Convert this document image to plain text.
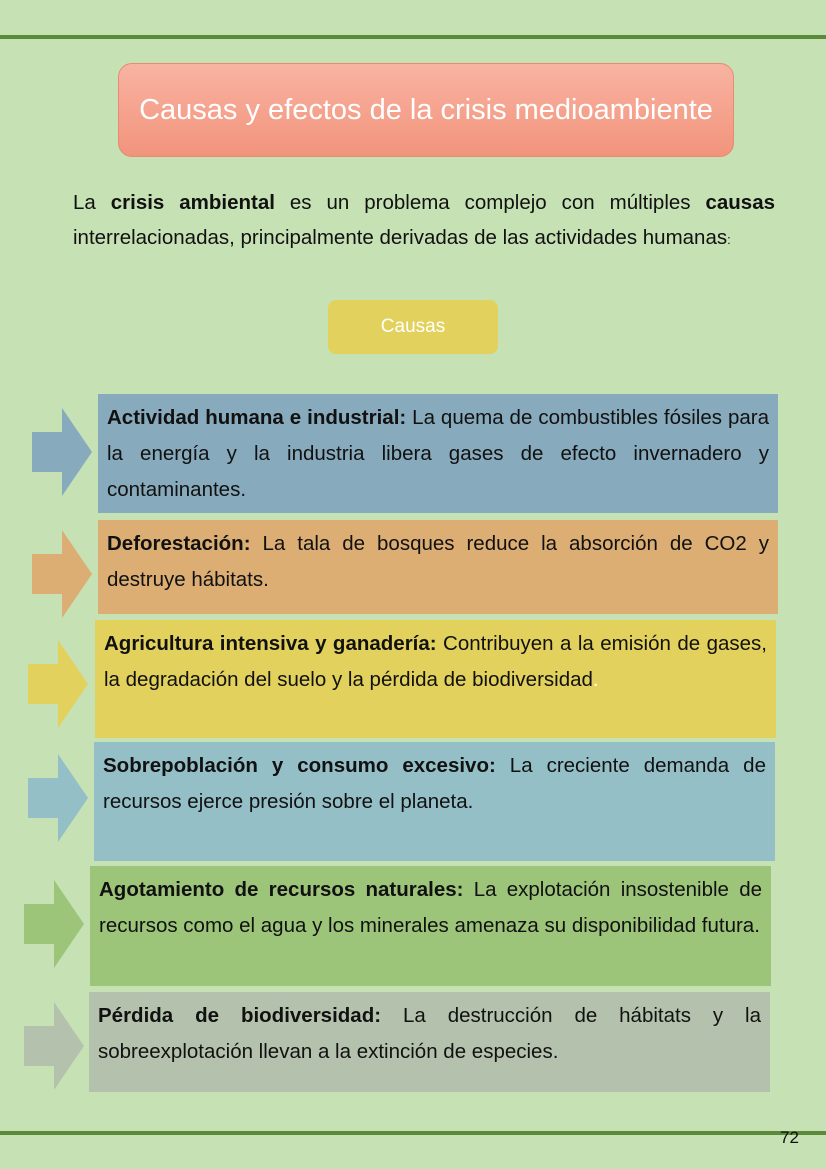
Causas y efectos de la crisis medioambiente

La crisis ambiental es un problema complejo con múltiples causas interrelacionadas, principalmente derivadas de las actividades humanas:

Causas
Actividad humana e industrial: La quema de combustibles fósiles para la energía y la industria libera gases de efecto invernadero y contaminantes.
Deforestación: La tala de bosques reduce la absorción de CO2 y destruye hábitats.
Agricultura intensiva y ganadería: Contribuyen a la emisión de gases, la degradación del suelo y la pérdida de biodiversidad.
Sobrepoblación y consumo excesivo: La creciente demanda de recursos ejerce presión sobre el planeta.
Agotamiento de recursos naturales: La explotación insostenible de recursos como el agua y los minerales amenaza su disponibilidad futura.
Pérdida de biodiversidad: La destrucción de hábitats y la sobreexplotación llevan a la extinción de especies.
72
